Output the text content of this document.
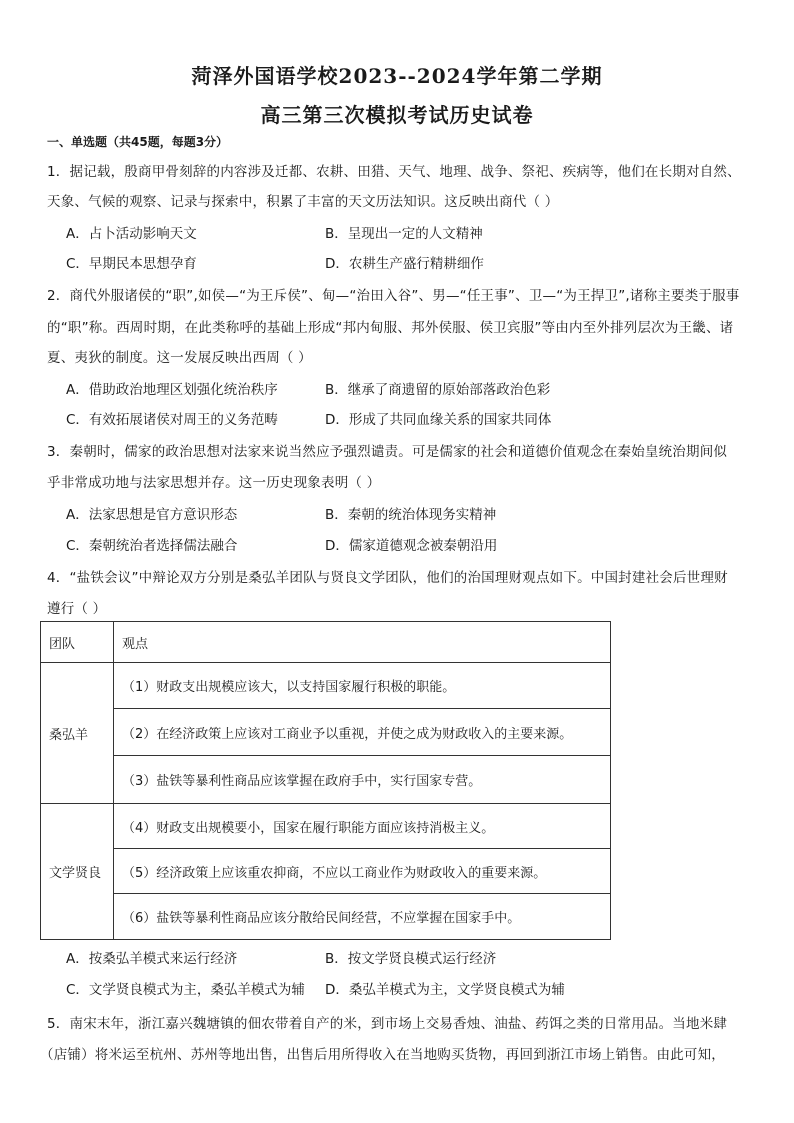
菏泽外国语学校2023--2024学年第二学期
高三第三次模拟考试历史试卷
一、单选题（共45题，每题3分）
1．据记载，殷商甲骨刻辞的内容涉及迁都、农耕、田猎、天气、地理、战争、祭祀、疾病等，他们在长期对自然、
天象、气候的观察、记录与探索中，积累了丰富的天文历法知识。这反映出商代（ ）
A．占卜活动影响天文	B．呈现出一定的人文精神
C．早期民本思想孕育	D．农耕生产盛行精耕细作
2．商代外服诸侯的“职”,如侯—“为王斥侯”、甸—“治田入谷”、男—“任王事”、卫—“为王捍卫”,诸称主要类于服事
的“职”称。西周时期，在此类称呼的基础上形成“邦内甸服、邦外侯服、侯卫宾服”等由内至外排列层次为王畿、诸
夏、夷狄的制度。这一发展反映出西周（ ）
A．借助政治地理区划强化统治秩序	B．继承了商遗留的原始部落政治色彩
C．有效拓展诸侯对周王的义务范畴	D．形成了共同血缘关系的国家共同体
3．秦朝时，儒家的政治思想对法家来说当然应予强烈谴责。可是儒家的社会和道德价值观念在秦始皇统治期间似
乎非常成功地与法家思想并存。这一历史现象表明（ ）
A．法家思想是官方意识形态	B．秦朝的统治体现务实精神
C．秦朝统治者选择儒法融合	D．儒家道德观念被秦朝沿用
4．“盐铁会议”中辩论双方分别是桑弘羊团队与贤良文学团队，他们的治国理财观点如下。中国封建社会后世理财
遵行（ ）
团队	观点
桑弘羊	（1）财政支出规模应该大，以支持国家履行积极的职能。
	（2）在经济政策上应该对工商业予以重视，并使之成为财政收入的主要来源。
	（3）盐铁等暴利性商品应该掌握在政府手中，实行国家专营。
文学贤良	（4）财政支出规模要小，国家在履行职能方面应该持消极主义。
	（5）经济政策上应该重农抑商，不应以工商业作为财政收入的重要来源。
	（6）盐铁等暴利性商品应该分散给民间经营，不应掌握在国家手中。
A．按桑弘羊模式来运行经济	B．按文学贤良模式运行经济
C．文学贤良模式为主，桑弘羊模式为辅 D．桑弘羊模式为主，文学贤良模式为辅
5．南宋末年，浙江嘉兴魏塘镇的佃农带着自产的米，到市场上交易香烛、油盐、药饵之类的日常用品。当地米肆
（店铺）将米运至杭州、苏州等地出售，出售后用所得收入在当地购买货物，再回到浙江市场上销售。由此可知，
